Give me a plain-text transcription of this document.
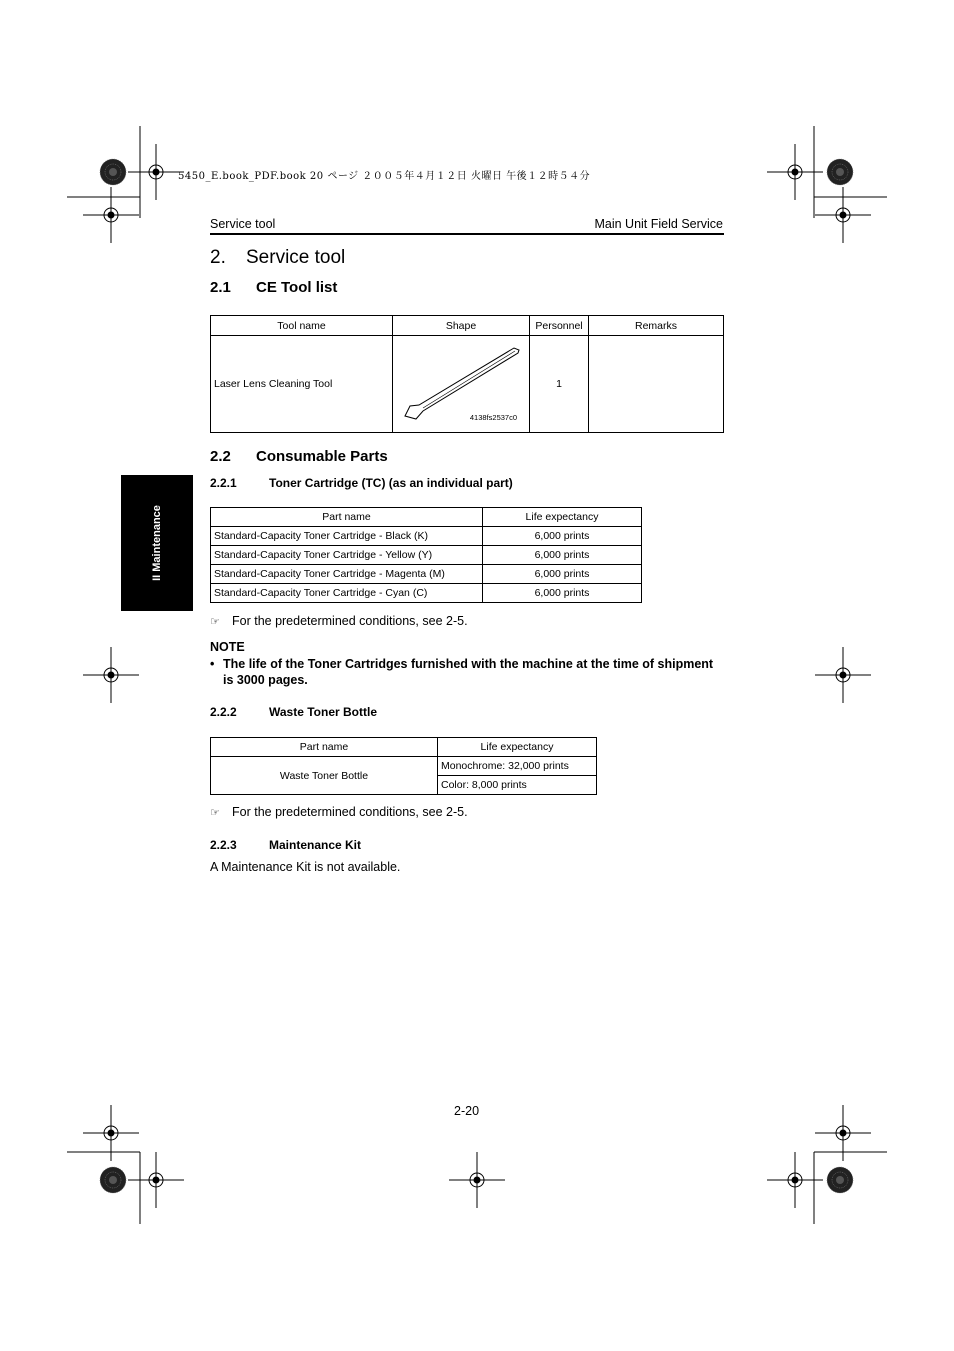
5450_E.book_PDF.book 20 ページ ２００５年４月１２日 火曜日 午後１２時５４分
Service tool	Main Unit Field Service
II Maintenance
2. Service tool
2.1 CE Tool list
Tool name	Shape	Personnel	Remarks
Laser Lens Cleaning Tool	4138fs2537c0	1	
2.2 Consumable Parts
2.2.1	Toner Cartridge (TC) (as an individual part)
Part name	Life expectancy
Standard-Capacity Toner Cartridge - Black (K)	6,000 prints
Standard-Capacity Toner Cartridge - Yellow (Y)	6,000 prints
Standard-Capacity Toner Cartridge - Magenta (M)	6,000 prints
Standard-Capacity Toner Cartridge - Cyan (C)	6,000 prints
☞ For the predetermined conditions, see 2-5.
NOTE
• The life of the Toner Cartridges furnished with the machine at the time of shipment is 3000 pages.
2.2.2	Waste Toner Bottle
Part name	Life expectancy
Waste Toner Bottle	Monochrome: 32,000 prints
	Color: 8,000 prints
☞ For the predetermined conditions, see 2-5.
2.2.3	Maintenance Kit
A Maintenance Kit is not available.
2-20
